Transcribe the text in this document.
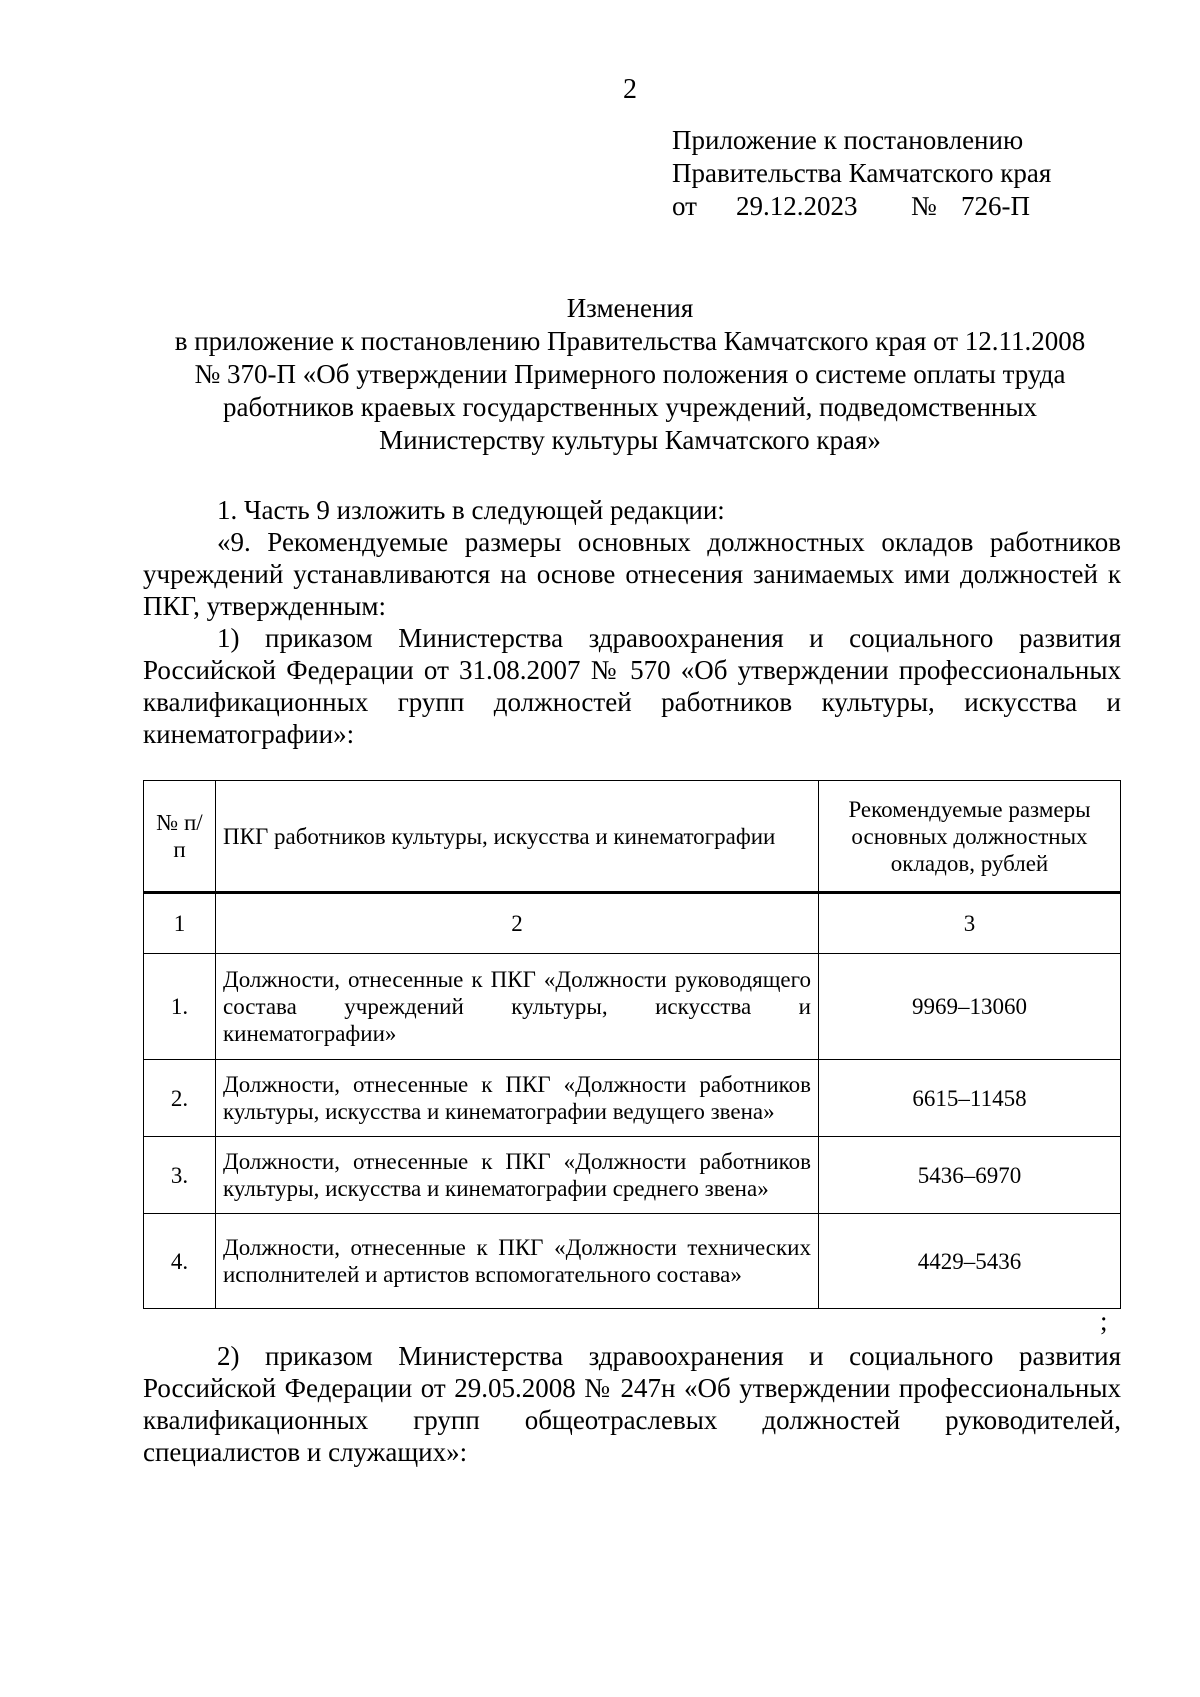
2
Приложение к постановлению
Правительства Камчатского края
от 29.12.2023 № 726-П
Изменения
в приложение к постановлению Правительства Камчатского края от 12.11.2008
№ 370-П «Об утверждении Примерного положения о системе оплаты труда
работников краевых государственных учреждений, подведомственных
Министерству культуры Камчатского края»

1. Часть 9 изложить в следующей редакции:

«9. Рекомендуемые размеры основных должностных окладов работников учреждений устанавливаются на основе отнесения занимаемых ими должностей к ПКГ, утвержденным:

1) приказом Министерства здравоохранения и социального развития Российской Федерации от 31.08.2007 № 570 «Об утверждении профессиональных квалификационных групп должностей работников культуры, искусства и кинематографии»:

№ п/п	ПКГ работников культуры, искусства и кинематографии	Рекомендуемые размеры основных должностных окладов, рублей
1	2	3
1.	Должности, отнесенные к ПКГ «Должности руководящего состава учреждений культуры, искусства и кинематографии»	9969–13060
2.	Должности, отнесенные к ПКГ «Должности работников культуры, искусства и кинематографии ведущего звена»	6615–11458
3.	Должности, отнесенные к ПКГ «Должности работников культуры, искусства и кинематографии среднего звена»	5436–6970
4.	Должности, отнесенные к ПКГ «Должности технических исполнителей и артистов вспомогательного состава»	4429–5436
;

2) приказом Министерства здравоохранения и социального развития Российской Федерации от 29.05.2008 № 247н «Об утверждении профессиональных квалификационных групп общеотраслевых должностей руководителей, специалистов и служащих»:
